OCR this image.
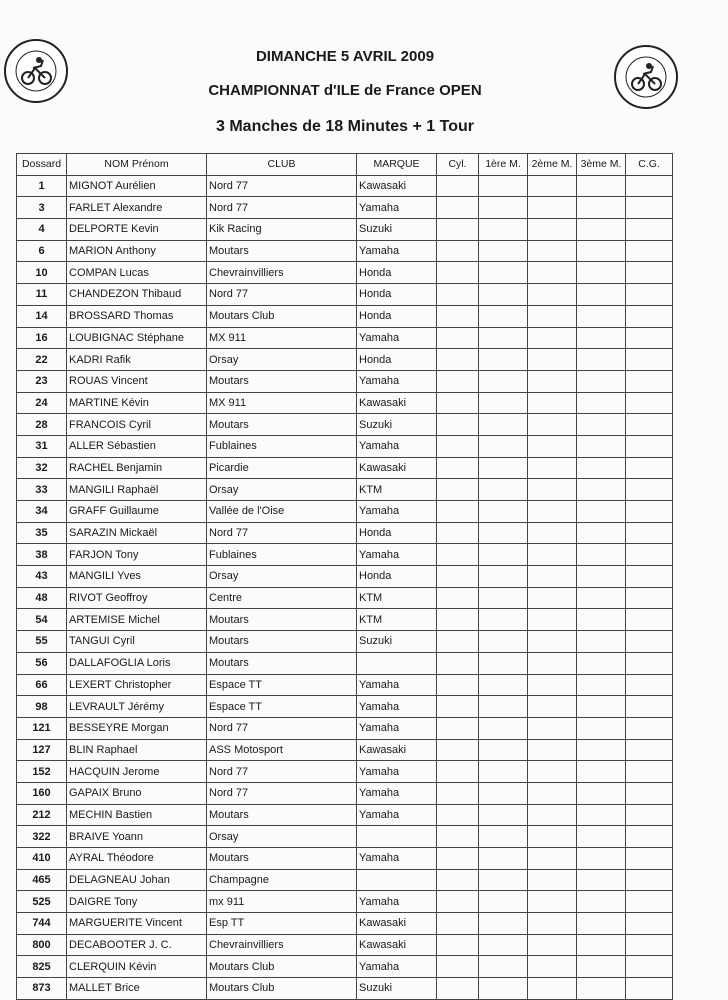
DIMANCHE 5 AVRIL 2009
CHAMPIONNAT d'ILE de France OPEN
3 Manches de 18 Minutes + 1 Tour
Dossard	NOM Prénom	CLUB	MARQUE	Cyl.	1ère M.	2ème M.	3ème M.	C.G.
1	MIGNOT Aurélien	Nord 77	Kawasaki					
3	FARLET Alexandre	Nord 77	Yamaha					
4	DELPORTE Kevin	Kik Racing	Suzuki					
6	MARION Anthony	Moutars	Yamaha					
10	COMPAN Lucas	Chevrainvilliers	Honda					
11	CHANDEZON Thibaud	Nord 77	Honda					
14	BROSSARD Thomas	Moutars Club	Honda					
16	LOUBIGNAC Stéphane	MX 911	Yamaha					
22	KADRI Rafik	Orsay	Honda					
23	ROUAS Vincent	Moutars	Yamaha					
24	MARTINE Kévin	MX 911	Kawasaki					
28	FRANCOIS Cyril	Moutars	Suzuki					
31	ALLER Sébastien	Fublaines	Yamaha					
32	RACHEL Benjamin	Picardie	Kawasaki					
33	MANGILI Raphaël	Orsay	KTM					
34	GRAFF Guillaume	Vallée de l'Oise	Yamaha					
35	SARAZIN Mickaël	Nord 77	Honda					
38	FARJON Tony	Fublaines	Yamaha					
43	MANGILI Yves	Orsay	Honda					
48	RIVOT Geoffroy	Centre	KTM					
54	ARTEMISE Michel	Moutars	KTM					
55	TANGUI Cyril	Moutars	Suzuki					
56	DALLAFOGLIA Loris	Moutars						
66	LEXERT Christopher	Espace TT	Yamaha					
98	LEVRAULT Jérémy	Espace TT	Yamaha					
121	BESSEYRE Morgan	Nord 77	Yamaha					
127	BLIN Raphael	ASS Motosport	Kawasaki					
152	HACQUIN Jerome	Nord 77	Yamaha					
160	GAPAIX Bruno	Nord 77	Yamaha					
212	MECHIN Bastien	Moutars	Yamaha					
322	BRAIVE Yoann	Orsay						
410	AYRAL Théodore	Moutars	Yamaha					
465	DELAGNEAU Johan	Champagne						
525	DAIGRE Tony	mx 911	Yamaha					
744	MARGUERITE Vincent	Esp TT	Kawasaki					
800	DECABOOTER J. C.	Chevrainvilliers	Kawasaki					
825	CLERQUIN Kévin	Moutars Club	Yamaha					
873	MALLET Brice	Moutars Club	Suzuki					
